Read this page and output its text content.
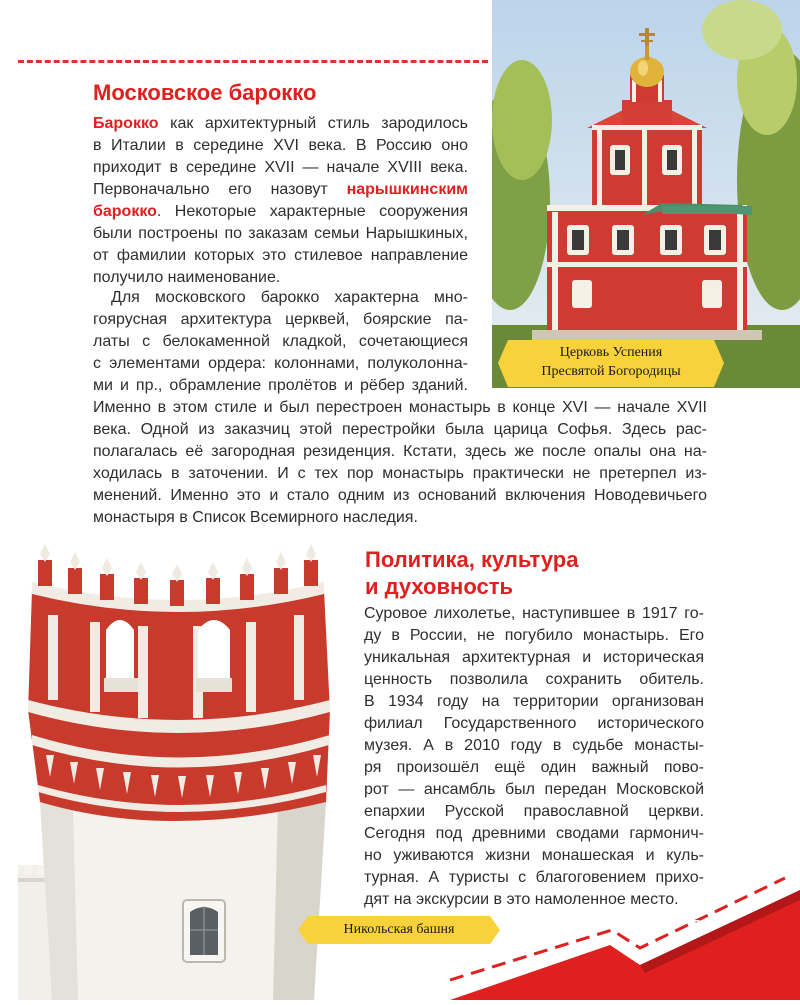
Московское барокко
Барокко как архитектурный стиль зародилось
в Италии в середине XVI века. В Россию оно
приходит в середине XVII — начале XVIII века.
Первоначально его назовут нарышкинским
барокко. Некоторые характерные сооружения
были построены по заказам семьи Нарышкиных,
от фамилии которых это стилевое направление
получило наименование.
Для московского барокко характерна мно-
гоярусная архитектура церквей, боярские па-
латы с белокаменной кладкой, сочетающиеся
с элементами ордера: колоннами, полуколонна-
ми и пр., обрамление пролётов и рёбер зданий.
Именно в этом стиле и был перестроен монастырь в конце XVI — начале XVII
века. Одной из заказчиц этой перестройки была царица Софья. Здесь рас-
полагалась её загородная резиденция. Кстати, здесь же после опалы она на-
ходилась в заточении. И с тех пор монастырь практически не претерпел из-
менений. Именно это и стало одним из оснований включения Новодевичьего
монастыря в Список Всемирного наследия.
Церковь Успения
Пресвятой Богородицы
Политика, культура
и духовность
Суровое лихолетье, наступившее в 1917 го-
ду в России, не погубило монастырь. Его
уникальная архитектурная и историческая
ценность позволила сохранить обитель.
В 1934 году на территории организован
филиал Государственного исторического
музея. А в 2010 году в судьбе монасты-
ря произошёл ещё один важный пово-
рот — ансамбль был передан Московской
епархии Русской православной церкви.
Сегодня под древними сводами гармонич-
но уживаются жизни монашеская и куль-
турная. А туристы с благоговением прихо-
дят на экскурсии в это намоленное место.
Никольская башня	5
